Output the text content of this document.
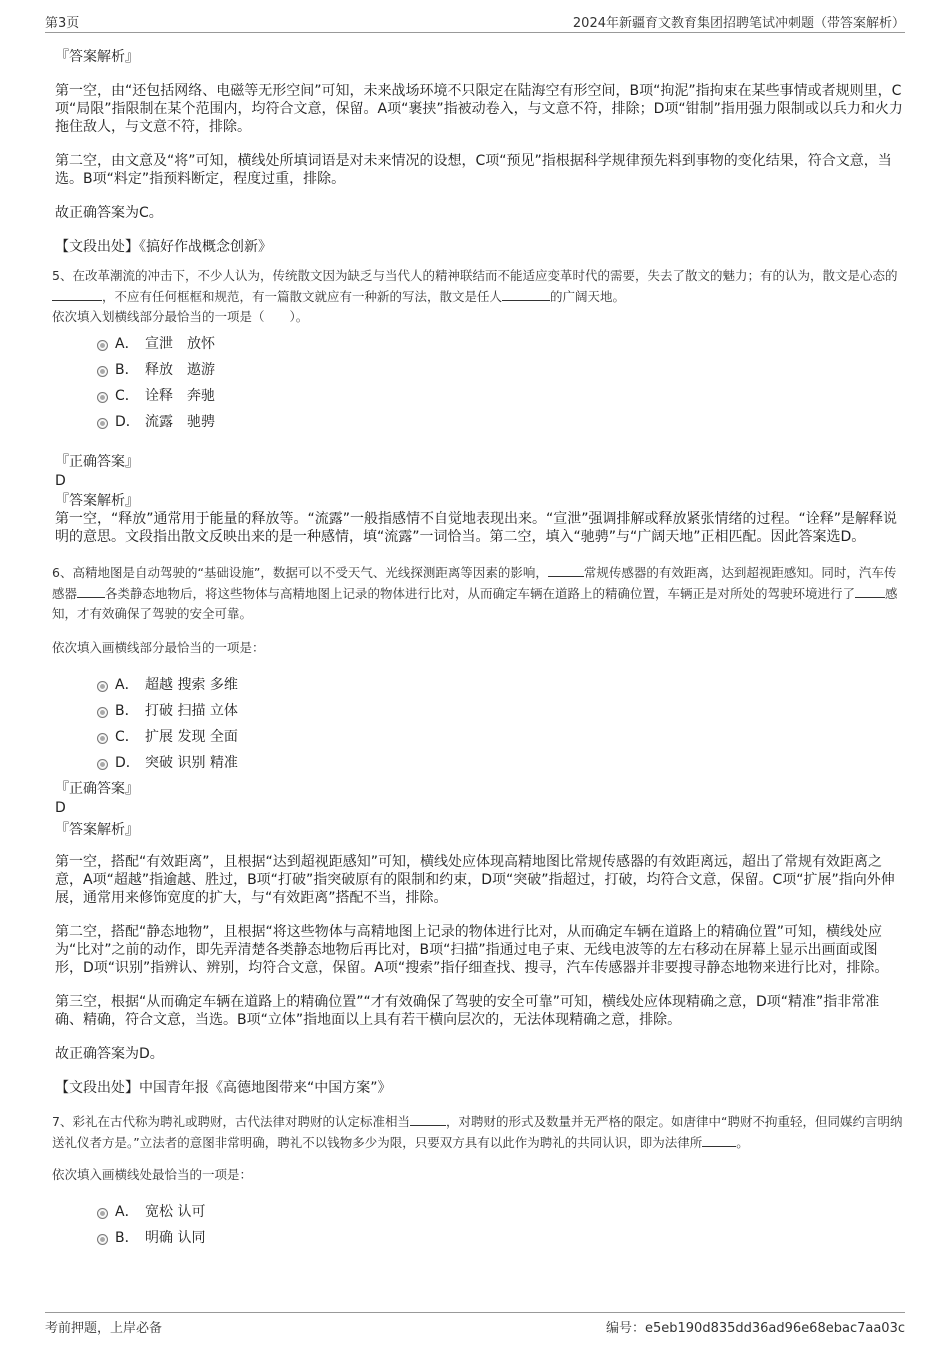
第3页	2024年新疆育文教育集团招聘笔试冲刺题（带答案解析）
『答案解析』

第一空，由“还包括网络、电磁等无形空间”可知，未来战场环境不只限定在陆海空有形空间，B项“拘泥”指拘束在某些事情或者规则里，C项“局限”指限制在某个范围内，均符合文意，保留。A项“裹挟”指被动卷入，与文意不符，排除；D项“钳制”指用强力限制或以兵力和火力拖住敌人，与文意不符，排除。

第二空，由文意及“将”可知，横线处所填词语是对未来情况的设想，C项“预见”指根据科学规律预先料到事物的变化结果，符合文意，当选。B项“料定”指预料断定，程度过重，排除。

故正确答案为C。

【文段出处】《搞好作战概念创新》

5、在改革潮流的冲击下，不少人认为，传统散文因为缺乏与当代人的精神联结而不能适应变革时代的需要，失去了散文的魅力；有的认为，散文是心态的，不应有任何框框和规范，有一篇散文就应有一种新的写法，散文是任人	的广阔天地。
依次填入划横线部分最恰当的一项是（　　）。
A． 宣泄 放怀
B． 释放 遨游
C． 诠释 奔驰
D． 流露 驰骋
『正确答案』
D
『答案解析』

第一空，“释放”通常用于能量的释放等。“流露”一般指感情不自觉地表现出来。“宣泄”强调排解或释放紧张情绪的过程。“诠释”是解释说明的意思。文段指出散文反映出来的是一种感情，填“流露”一词恰当。第二空，填入“驰骋”与“广阔天地”正相匹配。因此答案选D。

6、高精地图是自动驾驶的“基础设施”，数据可以不受天气、光线探测距离等因素的影响，	常规传感器的有效距离，达到超视距感知。同时，汽车传感器 各类静态地物后，将这些物体与高精地图上记录的物体进行比对，从而确定车辆在道路上的精确位置，车辆正是对所处的驾驶环境进行了 感知，才有效确保了驾驶的安全可靠。
依次填入画横线部分最恰当的一项是：
A． 超越 搜索 多维
B． 打破 扫描 立体
C． 扩展 发现 全面
D． 突破 识别 精准
『正确答案』
D
『答案解析』

第一空，搭配“有效距离”，且根据“达到超视距感知”可知，横线处应体现高精地图比常规传感器的有效距离远，超出了常规有效距离之意，A项“超越”指逾越、胜过，B项“打破”指突破原有的限制和约束，D项“突破”指超过，打破，均符合文意，保留。C项“扩展”指向外伸展，通常用来修饰宽度的扩大，与“有效距离”搭配不当，排除。

第二空，搭配“静态地物”，且根据“将这些物体与高精地图上记录的物体进行比对，从而确定车辆在道路上的精确位置”可知，横线处应为“比对”之前的动作，即先弄清楚各类静态地物后再比对，B项“扫描”指通过电子束、无线电波等的左右移动在屏幕上显示出画面或图形，D项“识别”指辨认、辨别，均符合文意，保留。A项“搜索”指仔细查找、搜寻，汽车传感器并非要搜寻静态地物来进行比对，排除。

第三空，根据“从而确定车辆在道路上的精确位置”“才有效确保了驾驶的安全可靠”可知，横线处应体现精确之意，D项“精准”指非常准确、精确，符合文意，当选。B项“立体”指地面以上具有若干横向层次的，无法体现精确之意，排除。

故正确答案为D。

【文段出处】中国青年报《高德地图带来“中国方案”》

7、彩礼在古代称为聘礼或聘财，古代法律对聘财的认定标准相当	，对聘财的形式及数量并无严格的限定。如唐律中“聘财不拘重轻，但同媒约言明纳送礼仪者方是。”立法者的意图非常明确，聘礼不以钱物多少为限，只要双方具有以此作为聘礼的共同认识，即为法律所	。
依次填入画横线处最恰当的一项是：
A． 宽松 认可
B． 明确 认同
考前押题，上岸必备	编号：e5eb190d835dd36ad96e68ebac7aa03c
